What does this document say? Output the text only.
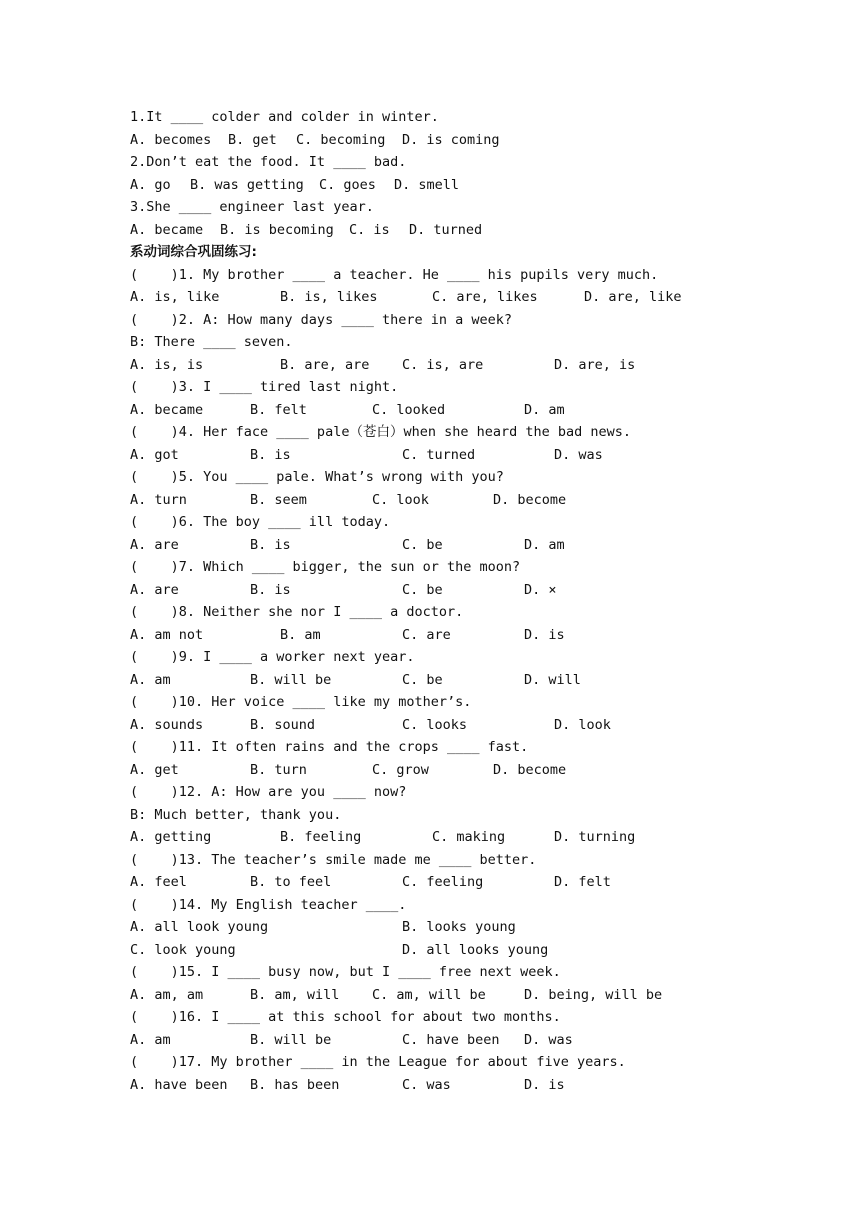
1.It ____ colder and colder in winter.

A. becomes

B. get

C. becoming

D. is coming

2.Don’t eat the food. It ____ bad.

A. go

B. was getting

C. goes

D. smell

3.She ____ engineer last year.

A. became

B. is becoming

C. is

D. turned

系动词综合巩固练习:
(    )1. My brother ____ a teacher. He ____ his pupils very much.
A. is, like	B. is, likes	C. are, likes	D. are, like
(    )2. A: How many days ____ there in a week?
B: There ____ seven.
A. is, is	B. are, are C. is, are	D. are, is
(    )3. I ____ tired last night.
A. became	B. felt	C. looked	D. am
(    )4. Her face ____ pale（苍白）when she heard the bad news.
A. got	B. is	C. turned	D. was
(    )5. You ____ pale. What’s wrong with you?
A. turn	B. seem	C. look	D. become
(    )6. The boy ____ ill today.
A. are	B. is	C. be	D. am
(    )7. Which ____ bigger, the sun or the moon?
A. are	B. is	C. be	D. ×
(    )8. Neither she nor I ____ a doctor.
A. am not	B. am	C. are	D. is
(    )9. I ____ a worker next year.
A. am	B. will be	C. be	D. will
(    )10. Her voice ____ like my mother’s.
A. sounds	B. sound	C. looks	D. look
(    )11. It often rains and the crops ____ fast.
A. get	B. turn	C. grow	D. become
(    )12. A: How are you ____ now?
B: Much better, thank you.
A. getting	B. feeling	C. making	D. turning
(    )13. The teacher’s smile made me ____ better.
A. feel	B. to feel	C. feeling	D. felt
(    )14. My English teacher ____.
A. all look young	B. looks young
C. look young	D. all looks young
(    )15. I ____ busy now, but I ____ free next week.
A. am, am	B. am, will C. am, will be	D. being, will be
(    )16. I ____ at this school for about two months.
A. am	B. will be	C. have been D. was
(    )17. My brother ____ in the League for about five years.
A. have been B. has been	C. was	D. is
